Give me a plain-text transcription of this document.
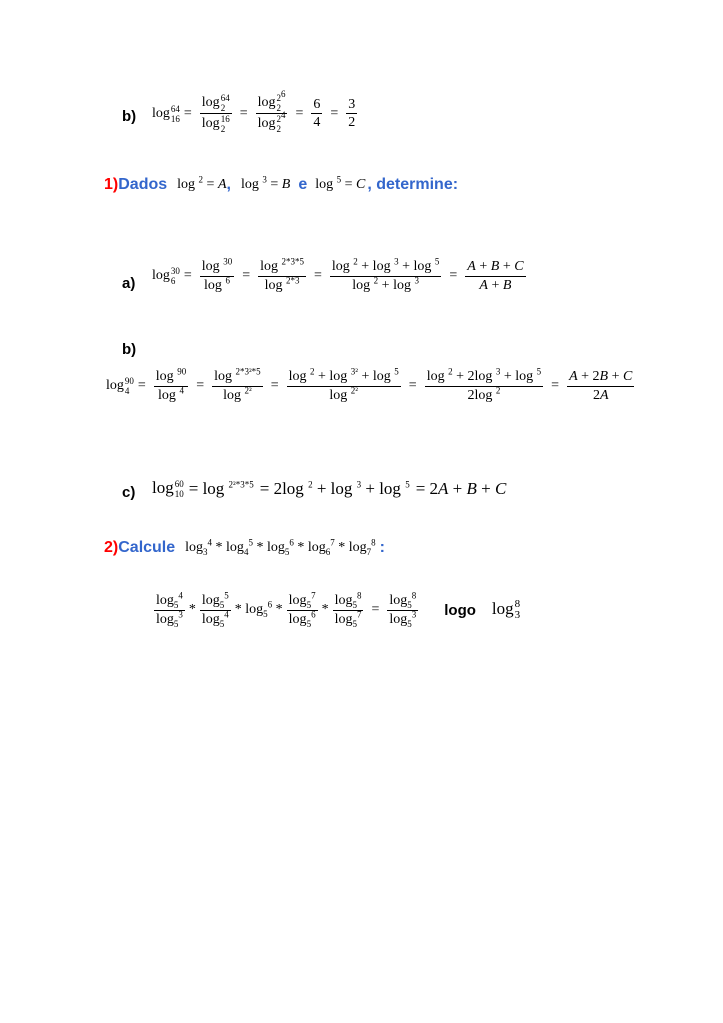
b) log 64
16 = log 64
2
log 16
$2 = \log 2^6$
2
$\log 2^4$
$2 = \frac{6}{4} = \frac{3}{2}$
1) Dados log $^2$ = A , log $^3$ = B e log $^5$ = C , determine:
a) log 30
$6 = \frac{\log ^{30}}{\log ^6} = \frac{\log ^{2*3*5}}{\log ^{2*3}} = \frac{\log ^2 + \log ^3 + \log ^5}{\log ^2 + \log ^3} = \frac{A + B + C}{A + B}$
b)
log 90
$4 = \frac{\log ^{90}}{\log ^4} = \frac{\log ^{2*3^2*5}}{\log ^{2^2}} = \frac{\log ^2 + \log ^{3^2} + \log ^5}{\log ^{2^2}} = \frac{\log ^2 + 2\log ^3 + \log ^5}{2\log ^2} = \frac{A + 2B + C}{2A}$
c) log 60
10 = log $^{2^2*3*5}$ = 2log $^2$ + log $^3$ + log $^5$ = 2A + B + C
2) Calcule $\log_3^4 * \log_4^5 * \log_5^6 * \log_6^7 * \log_7^8$ :
$\frac{\log_5^4}{\log_5^3} * \frac{\log_5^5}{\log_5^4} * \log_5^6 * \frac{\log_5^7}{\log_5^6} * \frac{\log_5^8}{\log_5^7} = \frac{\log_5^8}{\log_5^3}$ logo log 8
3
